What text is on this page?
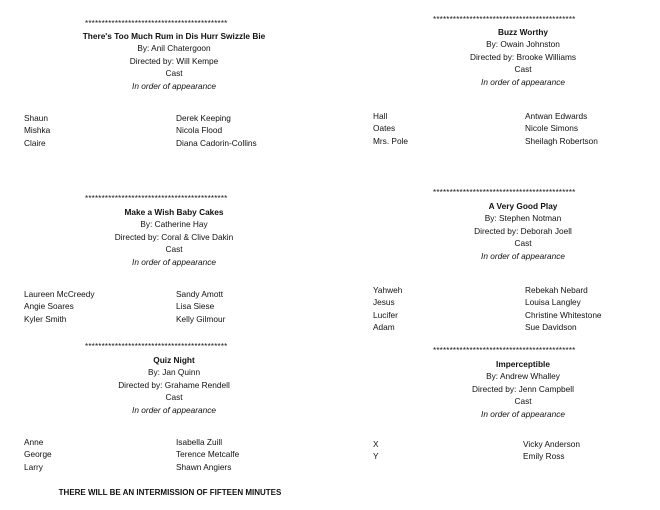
*******************************************
There's Too Much Rum in Dis Hurr Swizzle Bie
By: Anil Chatergoon
Directed by: Will Kempe
Cast
In order of appearance
Shaun	Derek Keeping
Mishka	Nicola Flood
Claire	Diana Cadorin-Collins
*******************************************
Buzz Worthy
By: Owain Johnston
Directed by: Brooke Williams
Cast
In order of appearance
Hall	Antwan Edwards
Oates	Nicole Simons
Mrs. Pole	Sheilagh Robertson
*******************************************
Make a Wish Baby Cakes
By: Catherine Hay
Directed by: Coral & Clive Dakin
Cast
In order of appearance
Laureen McCreedy	Sandy Amott
Angie Soares	Lisa Siese
Kyler Smith	Kelly Gilmour
*******************************************
A Very Good Play
By: Stephen Notman
Directed by: Deborah Joell
Cast
In order of appearance
Yahweh	Rebekah Nebard
Jesus	Louisa Langley
Lucifer	Christine Whitestone
Adam	Sue Davidson
*******************************************
Quiz Night
By: Jan Quinn
Directed by: Grahame Rendell
Cast
In order of appearance
Anne	Isabella Zuill
George	Terence Metcalfe
Larry	Shawn Angiers
*******************************************
Imperceptible
By: Andrew Whalley
Directed by: Jenn Campbell
Cast
In order of appearance
X	Vicky Anderson
Y	Emily Ross
THERE WILL BE AN INTERMISSION OF FIFTEEN MINUTES
